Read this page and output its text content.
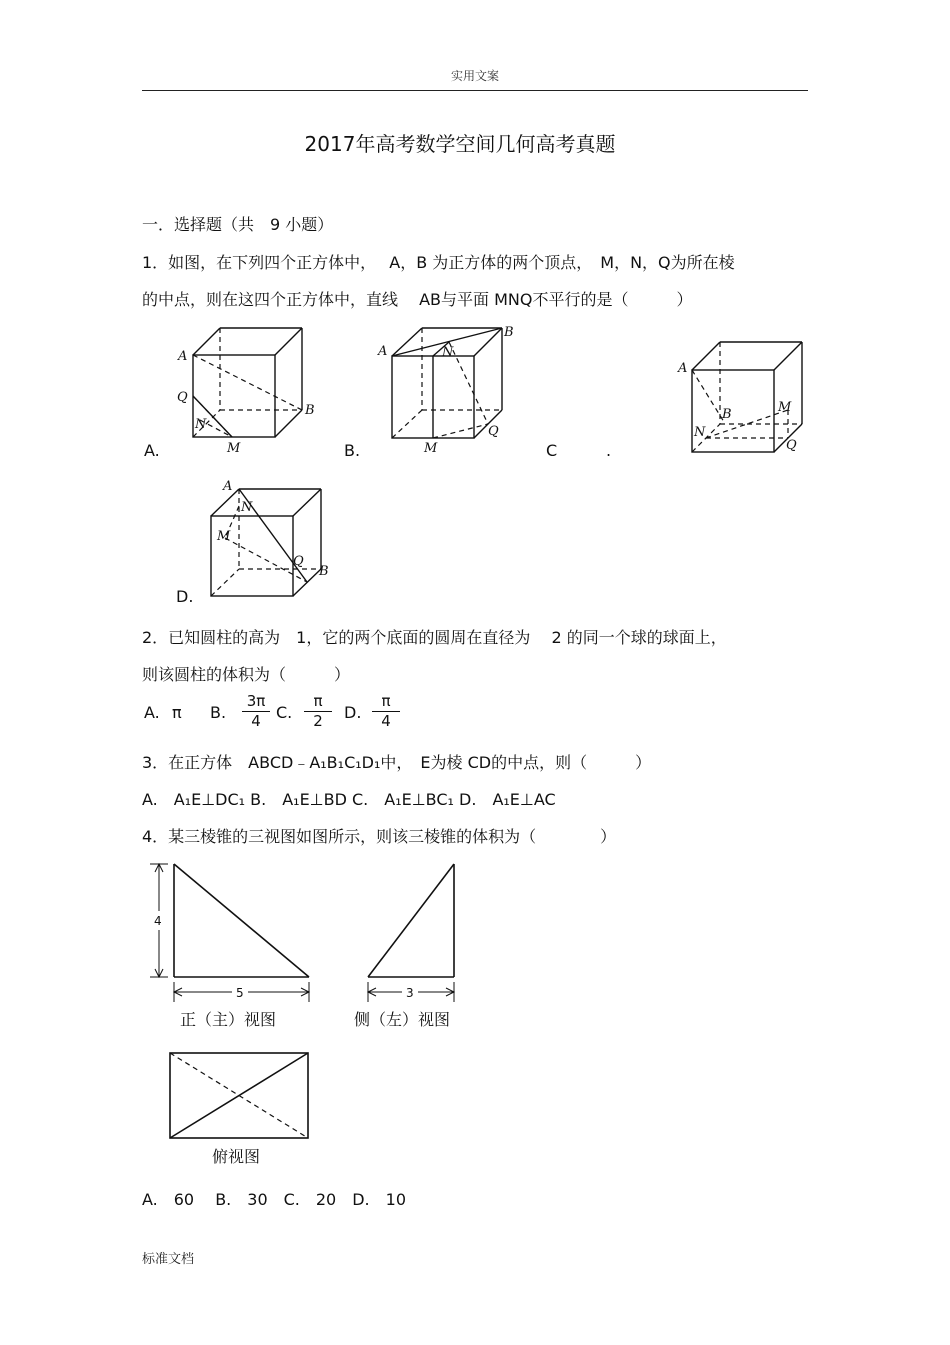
实用文案
2017年高考数学空间几何高考真题
一．选择题（共　9 小题）
1．如图，在下列四个正方体中，　 A，B 为正方体的两个顶点，　M，N，Q为所在棱
的中点，则在这四个正方体中，直线　 AB与平面 MNQ不平行的是（　　　）
A
B
Q
N
M
A.
A
B
N
M
Q
B.	C	.
A
B	M
N
Q
A
N
M
Q
B
D.
2．已知圆柱的高为　1，它的两个底面的圆周在直径为　 2 的同一个球的球面上，
则该圆柱的体积为（　　　）
A. π B. $\frac{3\pi}{4} C$. $\frac{\pi}{2} D$. $\frac{\pi}{4}$
3．在正方体　ABCD﹣A₁B₁C₁D₁中，　E为棱 CD的中点，则（　　　）
A.　A₁E⊥DC₁ B.　A₁E⊥BD C.　A₁E⊥BC₁ D.　A₁E⊥AC
4．某三棱锥的三视图如图所示，则该三棱锥的体积为（　　　　）
4
5
正（主）视图
3
侧（左）视图
俯视图
A.　60　 B.　30　C.　20　D.　10
标准文档
